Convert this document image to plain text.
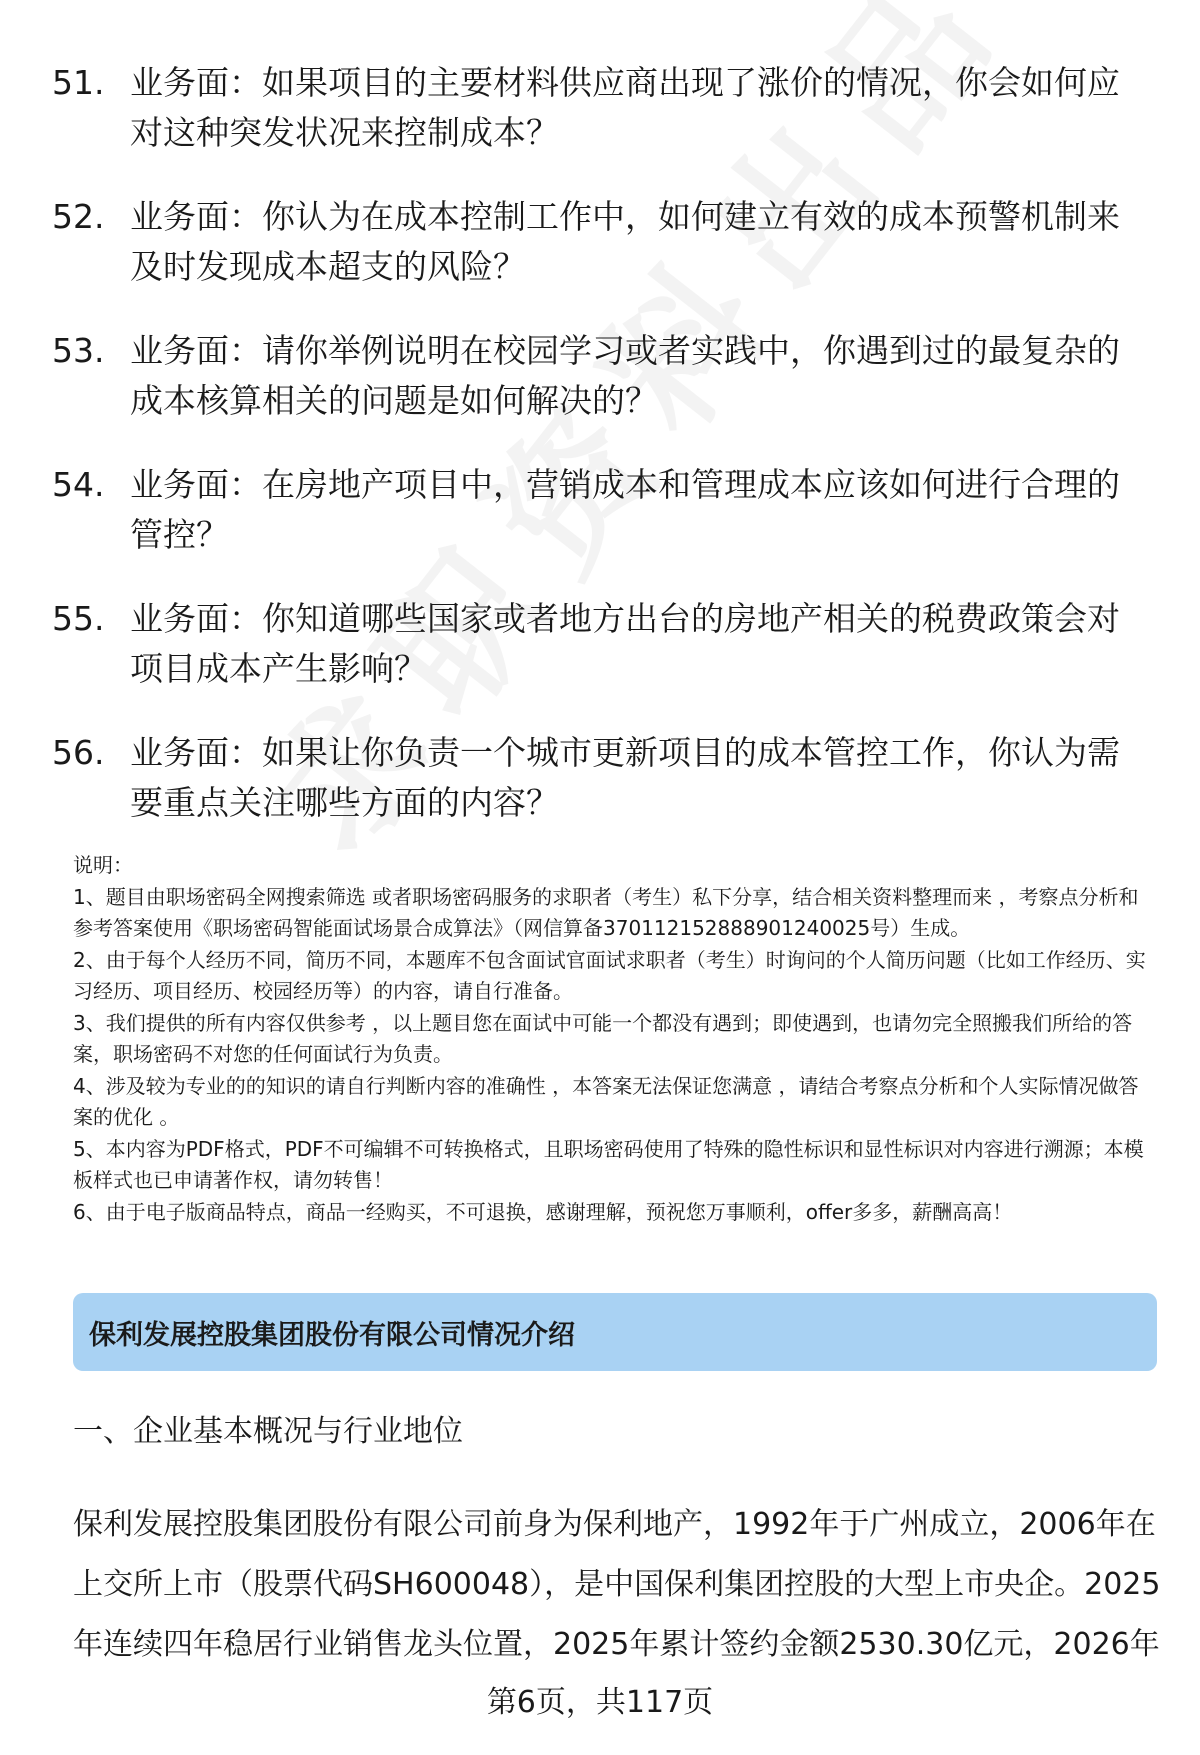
51. 业务面：如果项目的主要材料供应商出现了涨价的情况，你会如何应对这种突发状况来控制成本？
52. 业务面：你认为在成本控制工作中，如何建立有效的成本预警机制来及时发现成本超支的风险？
53. 业务面：请你举例说明在校园学习或者实践中，你遇到过的最复杂的成本核算相关的问题是如何解决的？
54. 业务面：在房地产项目中，营销成本和管理成本应该如何进行合理的管控？
55. 业务面：你知道哪些国家或者地方出台的房地产相关的税费政策会对项目成本产生影响？
56. 业务面：如果让你负责一个城市更新项目的成本管控工作，你认为需要重点关注哪些方面的内容？

说明：

1、题目由职场密码全网搜索筛选 或者职场密码服务的求职者（考生）私下分享，结合相关资料整理而来 ，考察点分析和参考答案使用《职场密码智能面试场景合成算法》（网信算备370112152888901240025号）生成。

2、由于每个人经历不同，简历不同，本题库不包含面试官面试求职者（考生）时询问的个人简历问题（比如工作经历、实习经历、项目经历、校园经历等）的内容，请自行准备。

3、我们提供的所有内容仅供参考 ，以上题目您在面试中可能一个都没有遇到；即使遇到，也请勿完全照搬我们所给的答案，职场密码不对您的任何面试行为负责。

4、涉及较为专业的的知识的请自行判断内容的准确性 ，本答案无法保证您满意 ，请结合考察点分析和个人实际情况做答案的优化 。

5、本内容为PDF格式，PDF不可编辑不可转换格式，且职场密码使用了特殊的隐性标识和显性标识对内容进行溯源；本模板样式也已申请著作权，请勿转售！

6、由于电子版商品特点，商品一经购买，不可退换，感谢理解，预祝您万事顺利，offer多多，薪酬高高！

保利发展控股集团股份有限公司情况介绍
一、企业基本概况与行业地位
保利发展控股集团股份有限公司前身为保利地产，1992年于广州成立，2006年在上交所上市（股票代码SH600048），是中国保利集团控股的大型上市央企。2025年连续四年稳居行业销售龙头位置，2025年累计签约金额2530.30亿元，2026年
第6页，共117页
